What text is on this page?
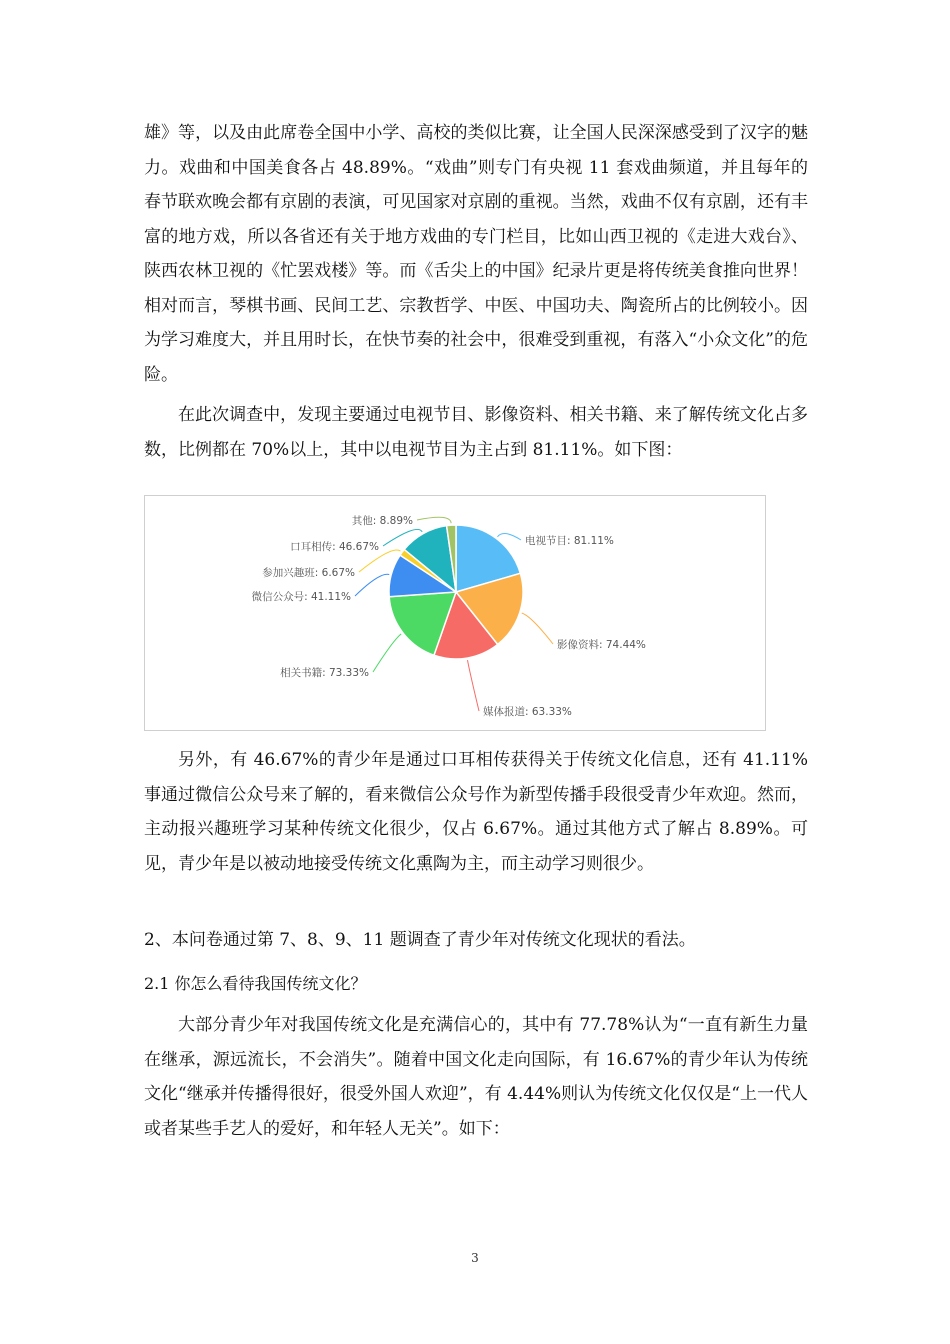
雄》等，以及由此席卷全国中小学、高校的类似比赛，让全国人民深深感受到了汉字的魅力。戏曲和中国美食各占 48.89%。“戏曲”则专门有央视 11 套戏曲频道，并且每年的春节联欢晚会都有京剧的表演，可见国家对京剧的重视。当然，戏曲不仅有京剧，还有丰富的地方戏，所以各省还有关于地方戏曲的专门栏目，比如山西卫视的《走进大戏台》、陕西农林卫视的《忙罢戏楼》等。而《舌尖上的中国》纪录片更是将传统美食推向世界！相对而言，琴棋书画、民间工艺、宗教哲学、中医、中国功夫、陶瓷所占的比例较小。因为学习难度大，并且用时长，在快节奏的社会中，很难受到重视，有落入“小众文化”的危险。

在此次调查中，发现主要通过电视节目、影像资料、相关书籍、来了解传统文化占多数，比例都在 70%以上，其中以电视节目为主占到 81.11%。如下图：

电视节目: 81.11%
影像资料: 74.44%
媒体报道: 63.33%
相关书籍: 73.33%
微信公众号: 41.11%
参加兴趣班: 6.67%
口耳相传: 46.67%
其他: 8.89%

另外，有 46.67%的青少年是通过口耳相传获得关于传统文化信息，还有 41.11%事通过微信公众号来了解的，看来微信公众号作为新型传播手段很受青少年欢迎。然而，主动报兴趣班学习某种传统文化很少，仅占 6.67%。通过其他方式了解占 8.89%。可见，青少年是以被动地接受传统文化熏陶为主，而主动学习则很少。

2、本问卷通过第 7、8、9、11 题调查了青少年对传统文化现状的看法。

2.1 你怎么看待我国传统文化？

大部分青少年对我国传统文化是充满信心的，其中有 77.78%认为“一直有新生力量在继承，源远流长，不会消失”。随着中国文化走向国际，有 16.67%的青少年认为传统文化“继承并传播得很好，很受外国人欢迎”，有 4.44%则认为传统文化仅仅是“上一代人或者某些手艺人的爱好，和年轻人无关”。如下：

3
